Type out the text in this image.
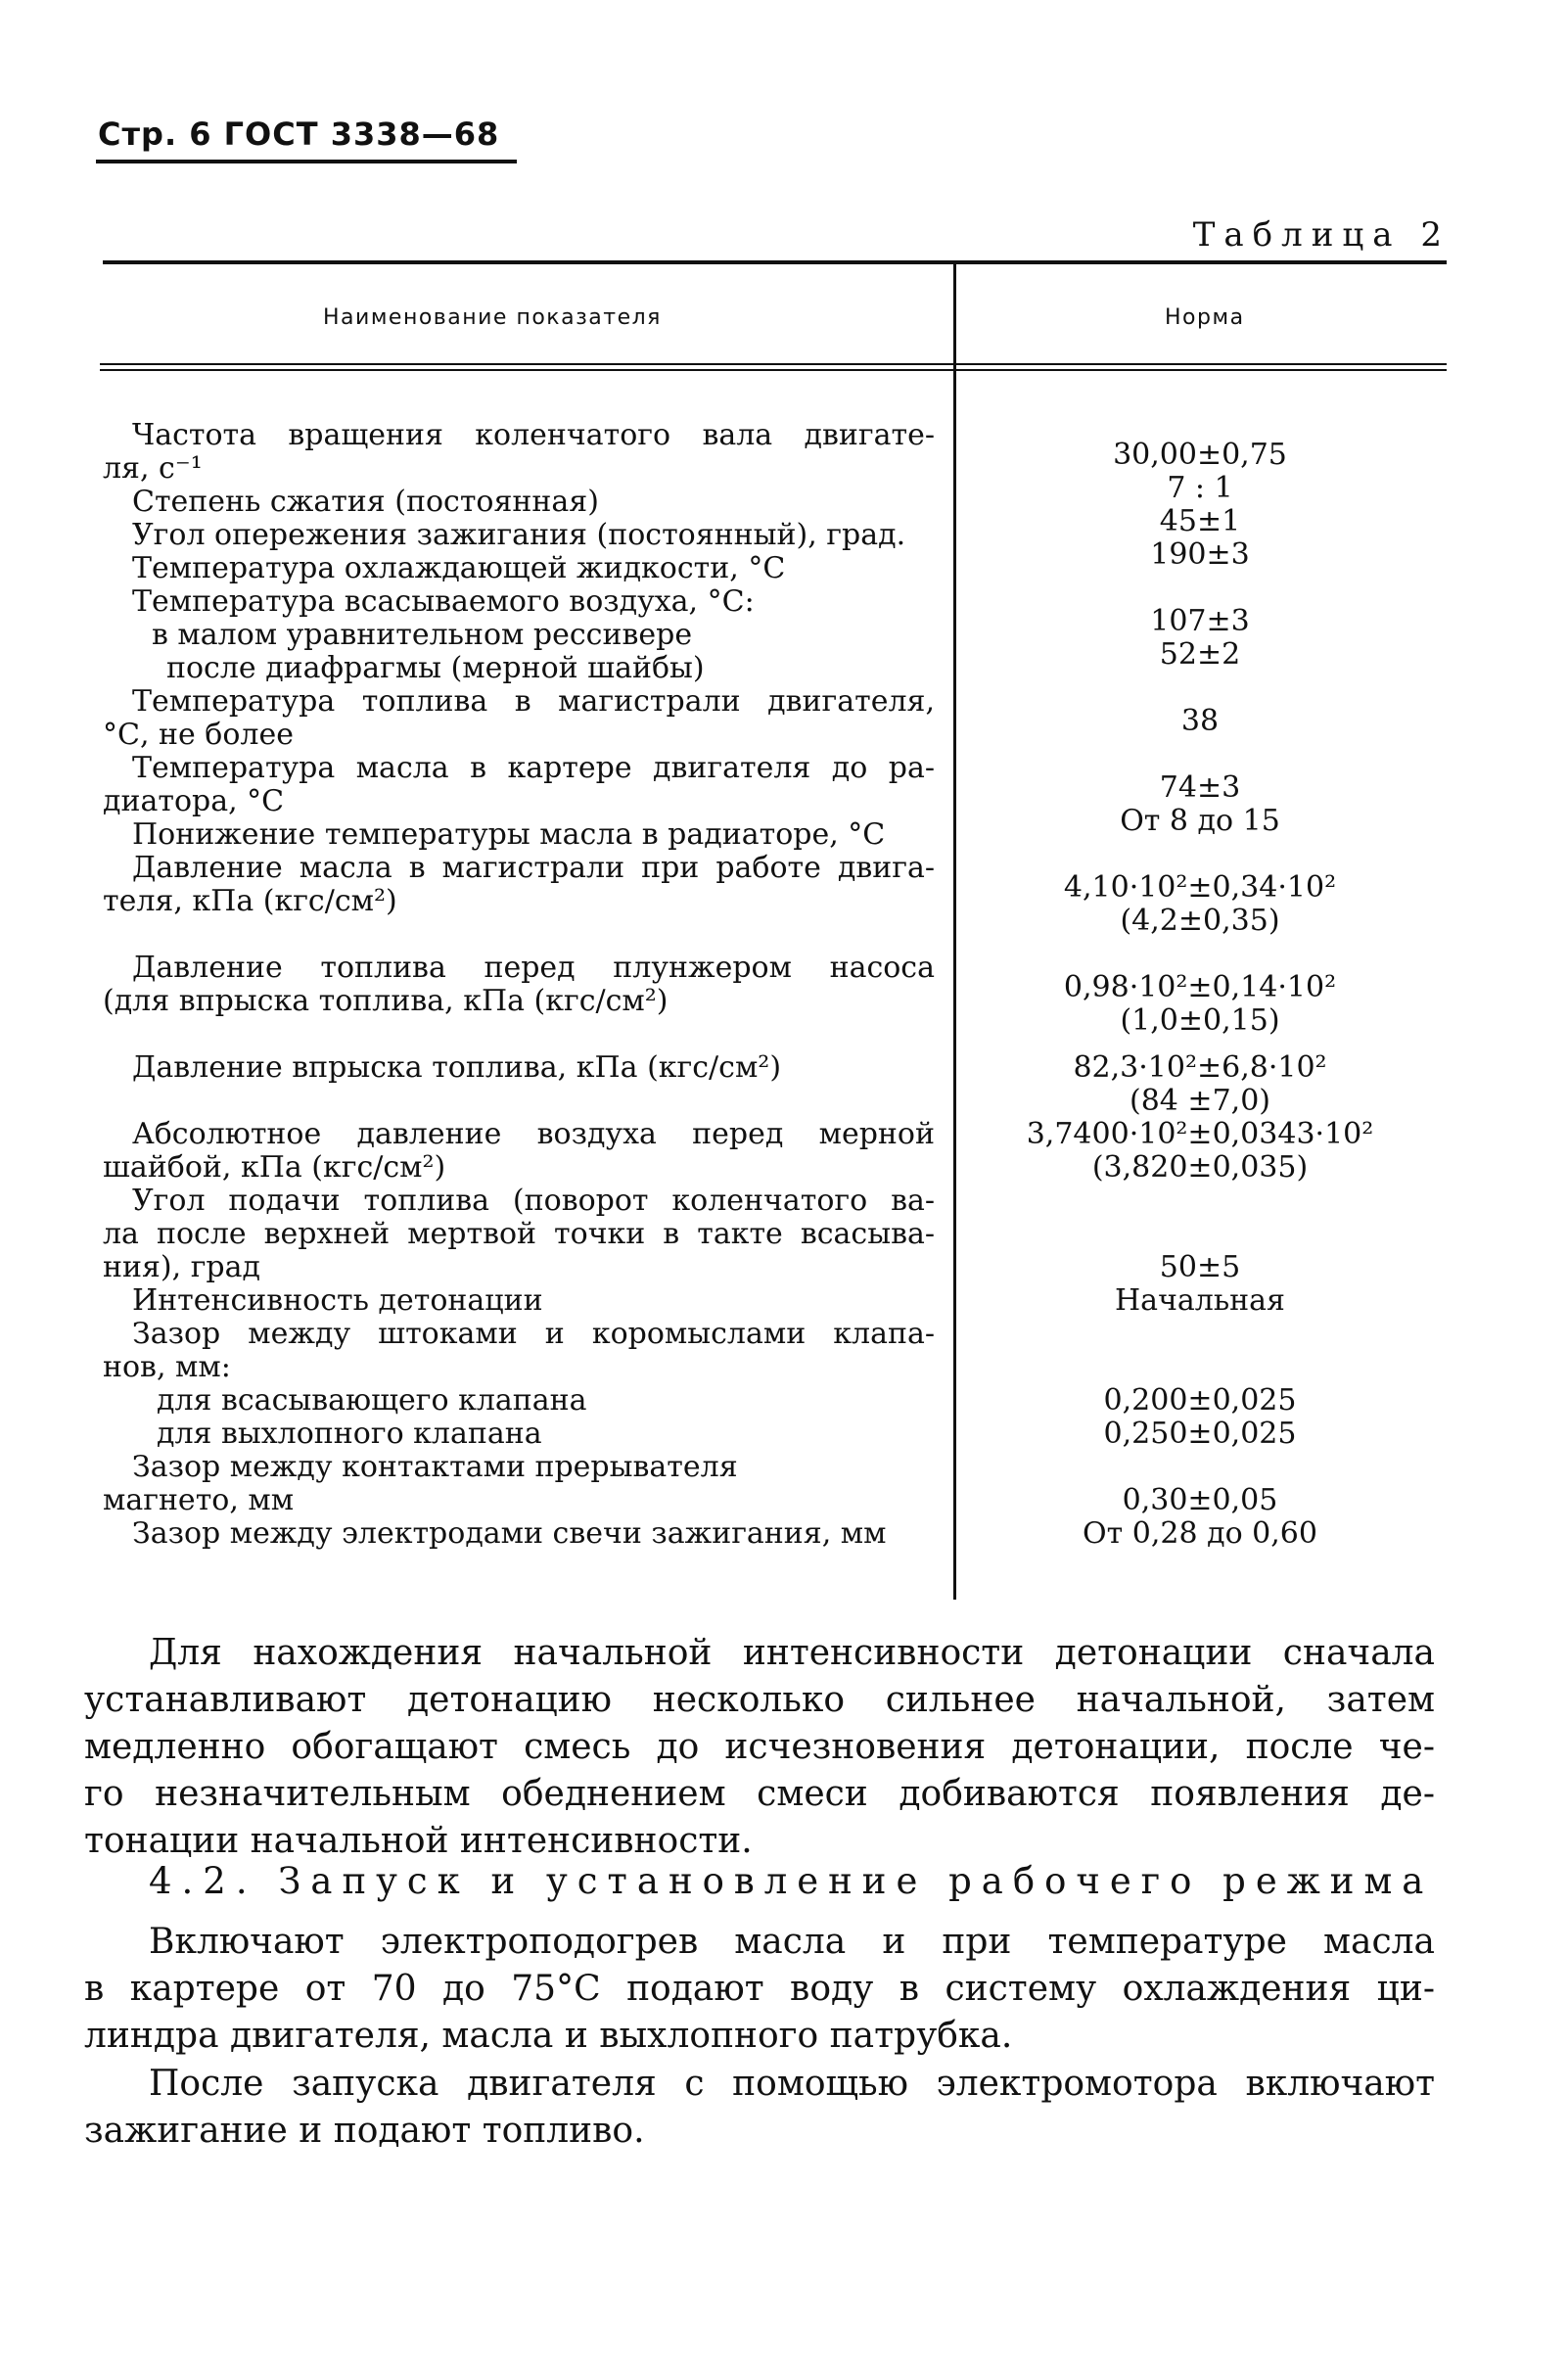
Стр. 6 ГОСТ 3338—68
Таблица 2
Наименование показателя	Норма
Частота вращения коленчатого вала двигате-
ля, с⁻¹
Степень сжатия (постоянная)
Угол опережения зажигания (постоянный), град.
Температура охлаждающей жидкости, °С
Температура всасываемого воздуха, °С:
в малом уравнительном ресcивере
после диафрагмы (мерной шайбы)
Температура топлива в магистрали двигателя,
°С, не более
Температура масла в картере двигателя до ра-
диатора, °С
Понижение температуры масла в радиаторе, °С
Давление масла в магистрали при работе двига-
теля, кПа (кгс/см²)
Давление топлива перед плунжером насоса
(для впрыска топлива, кПа (кгс/см²)
Давление впрыска топлива, кПа (кгс/см²)
Абсолютное давление воздуха перед мерной
шайбой, кПа (кгс/см²)
Угол подачи топлива (поворот коленчатого ва-
ла после верхней мертвой точки в такте всасыва-
ния), град
Интенсивность детонации
Зазор между штоками и коромыслами клапа-
нов, мм:
для всасывающего клапана
для выхлопного клапана
Зазор между контактами прерывателя
магнето, мм
Зазор между электродами свечи зажигания, мм
30,00±0,75
7 : 1
45±1
190±3
107±3
52±2
38
74±3
От 8 до 15
4,10·10²±0,34·10²
(4,2±0,35)
0,98·10²±0,14·10²
(1,0±0,15)
82,3·10²±6,8·10²
(84 ±7,0)
3,7400·10²±0,0343·10²
(3,820±0,035)
50±5
Начальная
0,200±0,025
0,250±0,025
0,30±0,05
От 0,28 до 0,60
Для нахождения начальной интенсивности детонации сначала
устанавливают детонацию несколько сильнее начальной, затем
медленно обогащают смесь до исчезновения детонации, после че-
го незначительным обеднением смеси добиваются появления де-
тонации начальной интенсивности.
4.2. Запуск и установление рабочего режима
Включают электроподогрев масла и при температуре масла
в картере от 70 до 75°С подают воду в систему охлаждения ци-
линдра двигателя, масла и выхлопного патрубка.
После запуска двигателя с помощью электромотора включают
зажигание и подают топливо.
